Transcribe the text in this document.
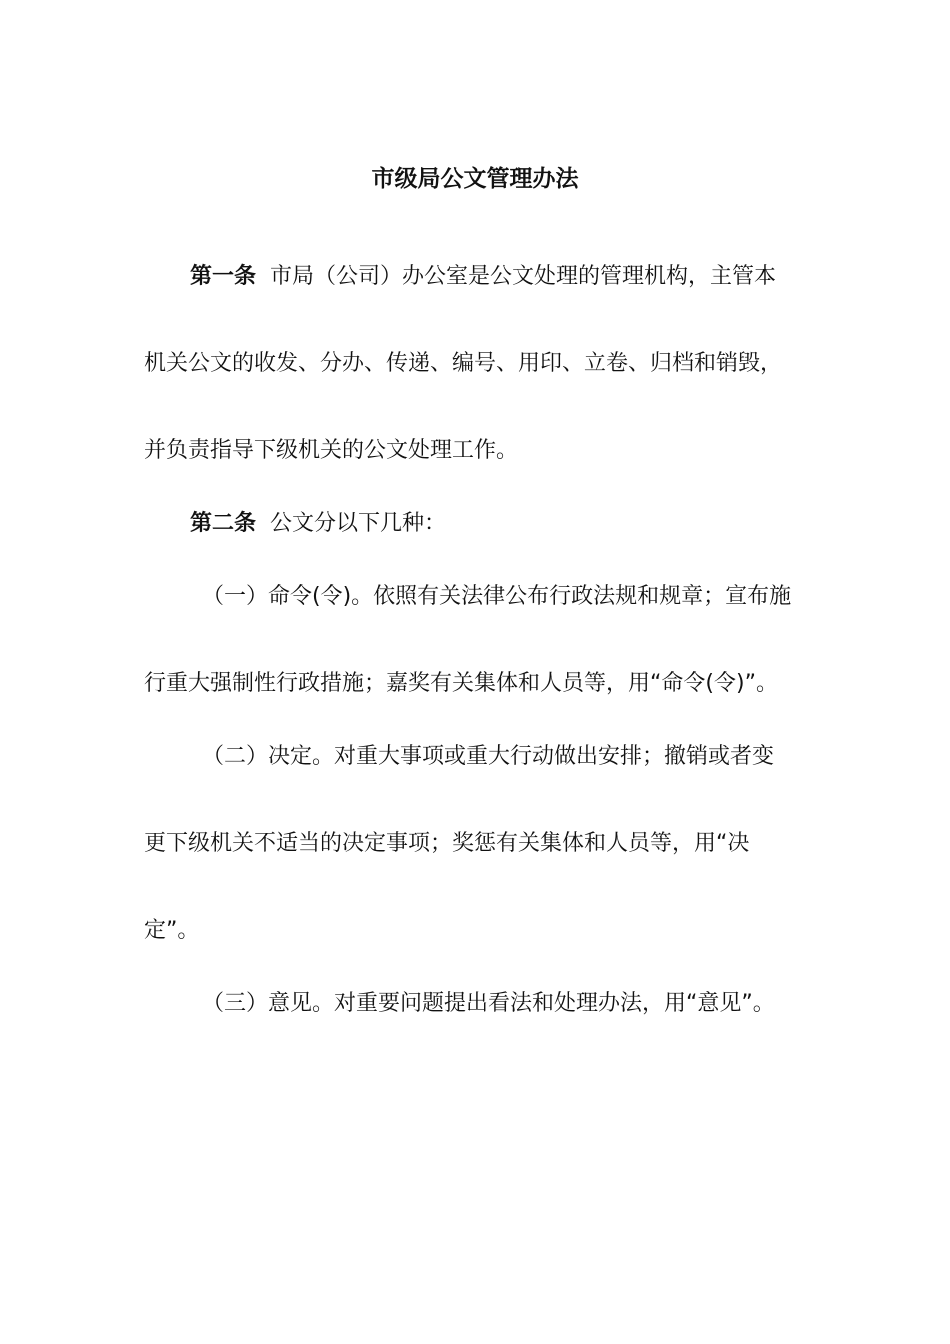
市级局公文管理办法
第一条 市局（公司）办公室是公文处理的管理机构，主管本
机关公文的收发、分办、传递、编号、用印、立卷、归档和销毁，
并负责指导下级机关的公文处理工作。
第二条 公文分以下几种：
（一）命令(令)。依照有关法律公布行政法规和规章；宣布施
行重大强制性行政措施；嘉奖有关集体和人员等，用“命令(令)”。
（二）决定。对重大事项或重大行动做出安排；撤销或者变
更下级机关不适当的决定事项；奖惩有关集体和人员等，用“决
定”。
（三）意见。对重要问题提出看法和处理办法，用“意见”。
